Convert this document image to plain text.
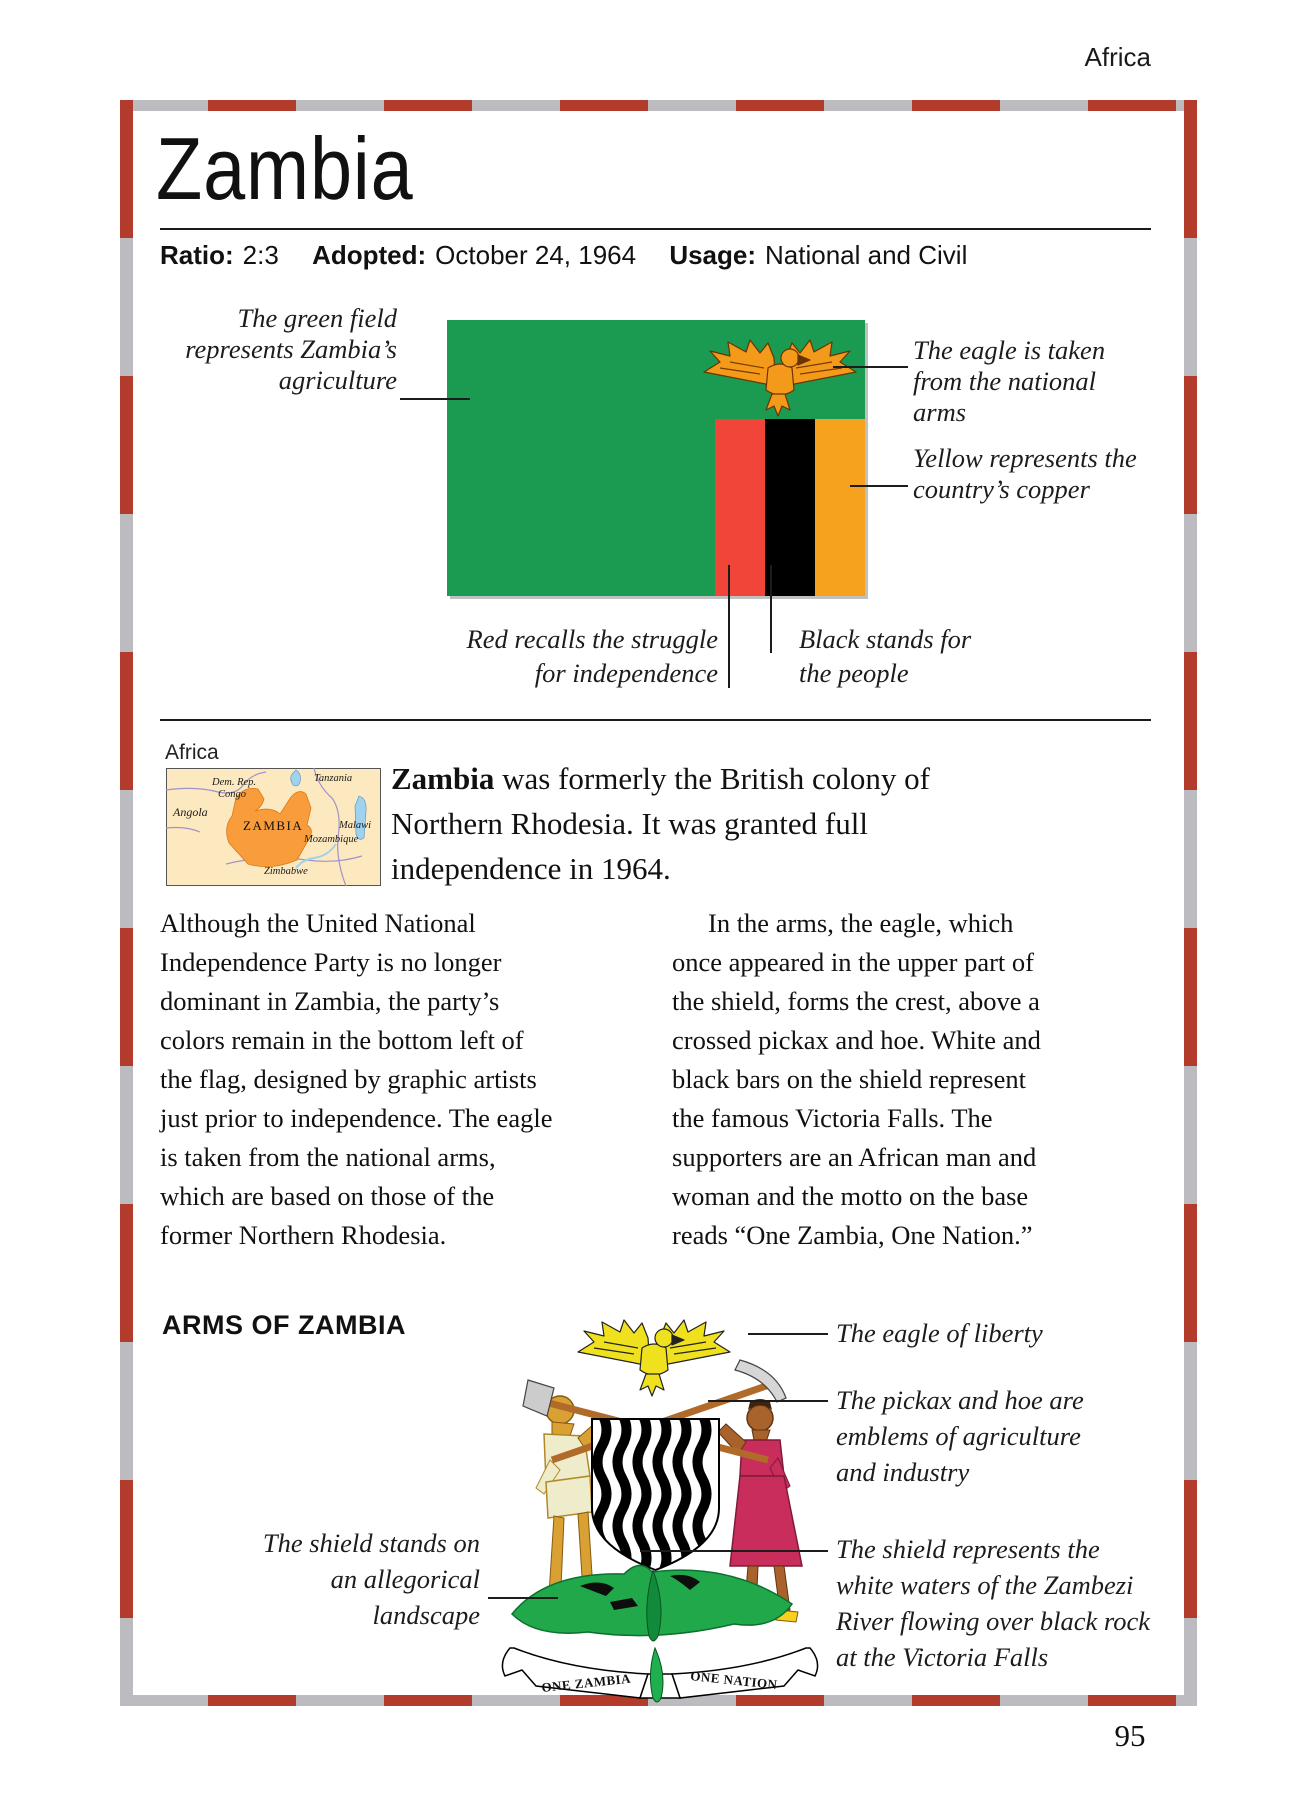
Africa
Zambia
Ratio: 2:3 Adopted: October 24, 1964 Usage: National and Civil
The green field represents Zambia’s agriculture
The eagle is taken from the national arms
Yellow represents the country’s copper
Red recalls the struggle for independence
Black stands for the people
Africa
Dem. Rep.
Congo
Tanzania
Angola
ZAMBIA	Malawi
Mozambique
Zimbabwe
Zambia was formerly the British colony of Northern Rhodesia. It was granted full independence in 1964.
Although the United National Independence Party is no longer dominant in Zambia, the party’s colors remain in the bottom left of the flag, designed by graphic artists just prior to independence. The eagle is taken from the national arms, which are based on those of the former Northern Rhodesia.
In the arms, the eagle, which once appeared in the upper part of the shield, forms the crest, above a crossed pickax and hoe. White and black bars on the shield represent the famous Victoria Falls. The supporters are an African man and woman and the motto on the base reads “One Zambia, One Nation.”
ARMS OF ZAMBIA
ONE ZAMBIA	ONE NATION
The eagle of liberty
The pickax and hoe are emblems of agriculture and industry
The shield stands on an allegorical landscape
The shield represents the white waters of the Zambezi River flowing over black rock at the Victoria Falls
95
